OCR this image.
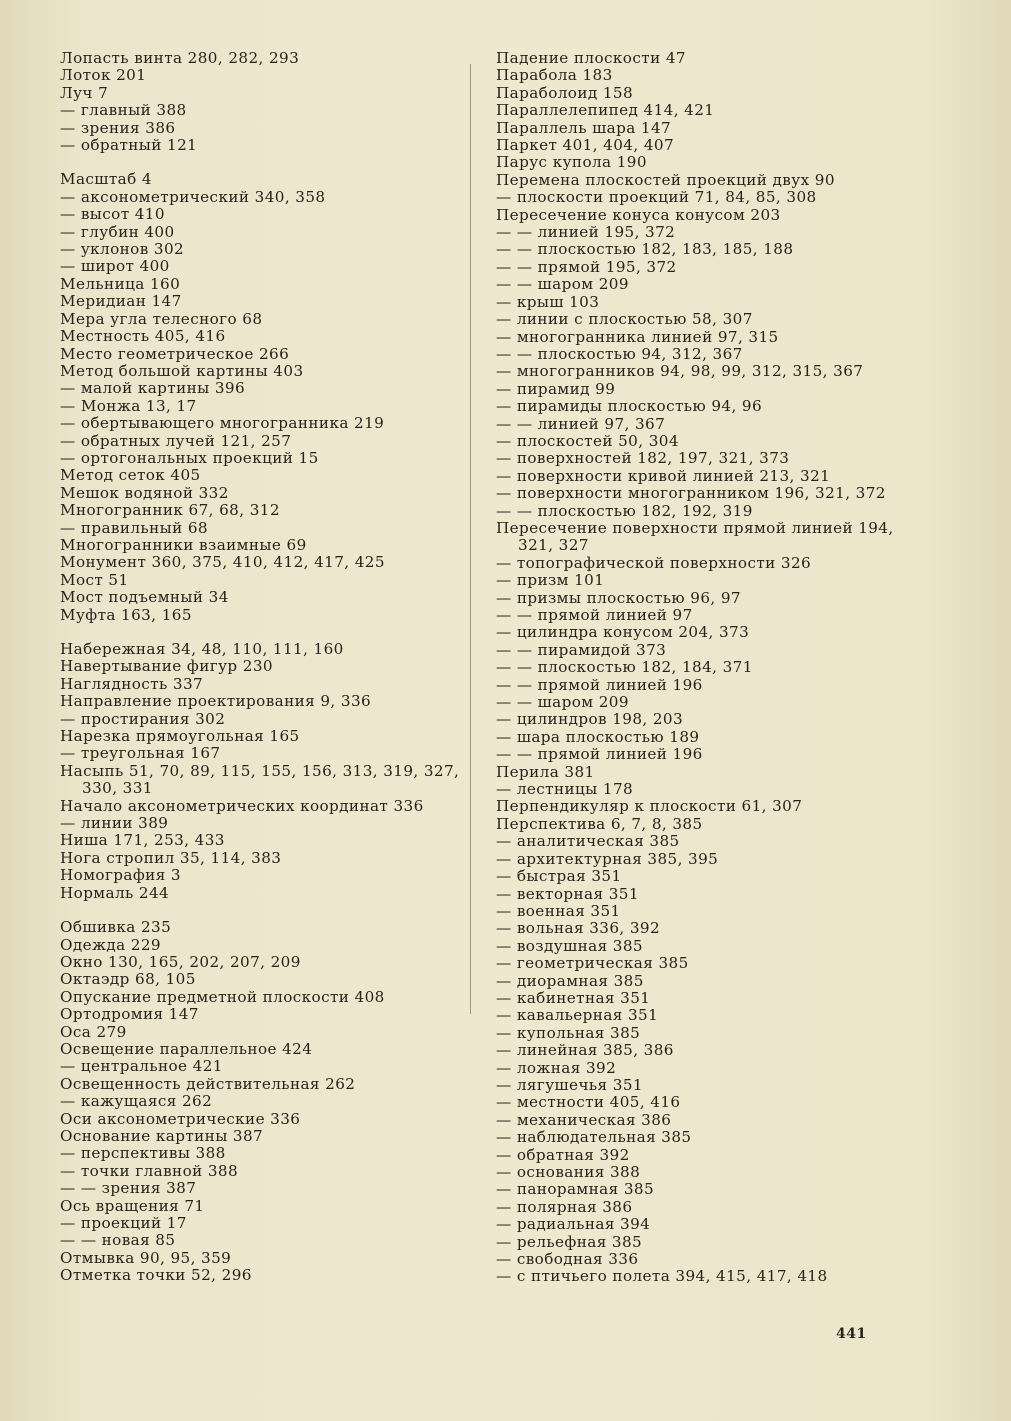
Лопасть винта 280, 282, 293
Лоток 201
Луч 7
— главный 388
— зрения 386
— обратный 121
Масштаб 4
— аксонометрический 340, 358
— высот 410
— глубин 400
— уклонов 302
— широт 400
Мельница 160
Меридиан 147
Мера угла телесного 68
Местность 405, 416
Место геометрическое 266
Метод большой картины 403
— малой картины 396
— Монжа 13, 17
— обертывающего многогранника 219
— обратных лучей 121, 257
— ортогональных проекций 15
Метод сеток 405
Мешок водяной 332
Многогранник 67, 68, 312
— правильный 68
Многогранники взаимные 69
Монумент 360, 375, 410, 412, 417, 425
Мост 51
Мост подъемный 34
Муфта 163, 165
Набережная 34, 48, 110, 111, 160
Навертывание фигур 230
Наглядность 337
Направление проектирования 9, 336
— простирания 302
Нарезка прямоугольная 165
— треугольная 167
Насыпь 51, 70, 89, 115, 155, 156, 313, 319, 327, 330, 331
Начало аксонометрических координат 336
— линии 389
Ниша 171, 253, 433
Нога стропил 35, 114, 383
Номография 3
Нормаль 244
Обшивка 235
Одежда 229
Окно 130, 165, 202, 207, 209
Октаэдр 68, 105
Опускание предметной плоскости 408
Ортодромия 147
Оса 279
Освещение параллельное 424
— центральное 421
Освещенность действительная 262
— кажущаяся 262
Оси аксонометрические 336
Основание картины 387
— перспективы 388
— точки главной 388
— — зрения 387
Ось вращения 71
— проекций 17
— — новая 85
Отмывка 90, 95, 359
Отметка точки 52, 296
Падение плоскости 47
Парабола 183
Параболоид 158
Параллелепипед 414, 421
Параллель шара 147
Паркет 401, 404, 407
Парус купола 190
Перемена плоскостей проекций двух 90
— плоскости проекций 71, 84, 85, 308
Пересечение конуса конусом 203
— — линией 195, 372
— — плоскостью 182, 183, 185, 188
— — прямой 195, 372
— — шаром 209
— крыш 103
— линии с плоскостью 58, 307
— многогранника линией 97, 315
— — плоскостью 94, 312, 367
— многогранников 94, 98, 99, 312, 315, 367
— пирамид 99
— пирамиды плоскостью 94, 96
— — линией 97, 367
— плоскостей 50, 304
— поверхностей 182, 197, 321, 373
— поверхности кривой линией 213, 321
— поверхности многогранником 196, 321, 372
— — плоскостью 182, 192, 319
Пересечение поверхности прямой линией 194, 321, 327
— топографической поверхности 326
— призм 101
— призмы плоскостью 96, 97
— — прямой линией 97
— цилиндра конусом 204, 373
— — пирамидой 373
— — плоскостью 182, 184, 371
— — прямой линией 196
— — шаром 209
— цилиндров 198, 203
— шара плоскостью 189
— — прямой линией 196
Перила 381
— лестницы 178
Перпендикуляр к плоскости 61, 307
Перспектива 6, 7, 8, 385
— аналитическая 385
— архитектурная 385, 395
— быстрая 351
— векторная 351
— военная 351
— вольная 336, 392
— воздушная 385
— геометрическая 385
— диорамная 385
— кабинетная 351
— кавальерная 351
— купольная 385
— линейная 385, 386
— ложная 392
— лягушечья 351
— местности 405, 416
— механическая 386
— наблюдательная 385
— обратная 392
— основания 388
— панорамная 385
— полярная 386
— радиальная 394
— рельефная 385
— свободная 336
— с птичьего полета 394, 415, 417, 418
441
